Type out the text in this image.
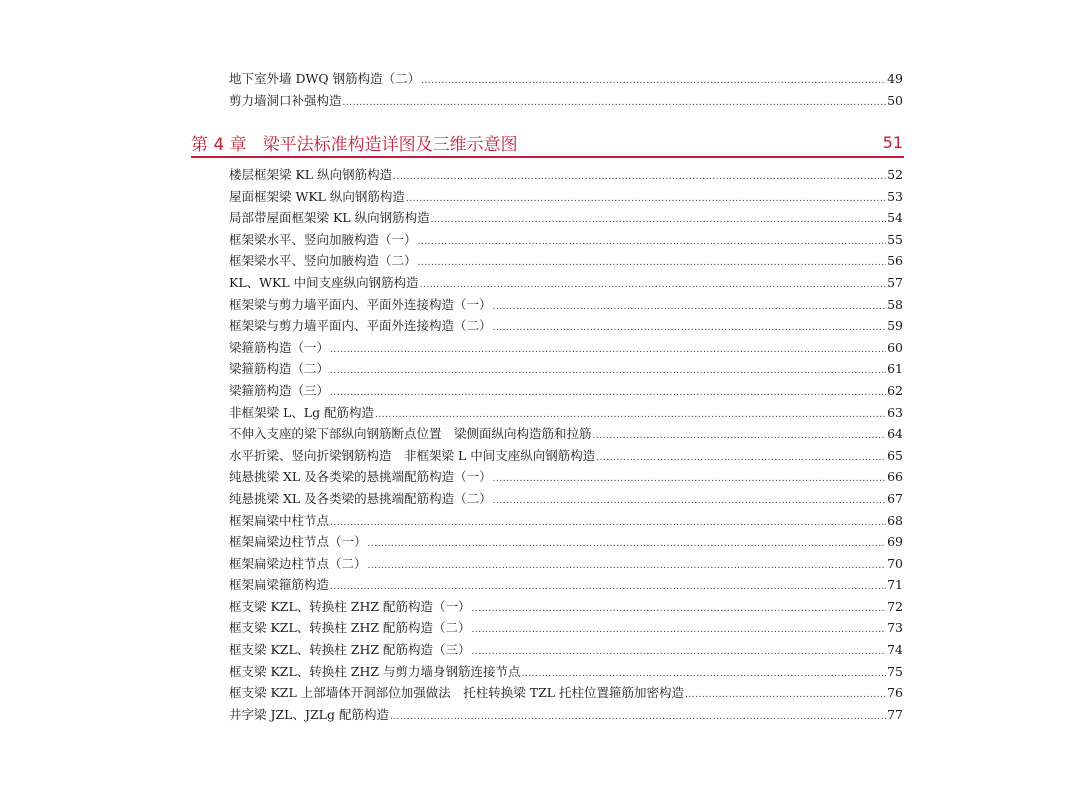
地下室外墙 DWQ 钢筋构造（二） .....	49
剪力墙洞口补强构造 .....	50
第 4 章 梁平法标准构造详图及三维示意图	51
楼层框架梁 KL 纵向钢筋构造 .....	52
屋面框架梁 WKL 纵向钢筋构造 .....	53
局部带屋面框架梁 KL 纵向钢筋构造 .....	54
框架梁水平、竖向加腋构造（一） .....	55
框架梁水平、竖向加腋构造（二） .....	56
KL、WKL 中间支座纵向钢筋构造 .....	57
框架梁与剪力墙平面内、平面外连接构造（一） .....	58
框架梁与剪力墙平面内、平面外连接构造（二） .....	59
梁箍筋构造（一） .....	60
梁箍筋构造（二） .....	61
梁箍筋构造（三） .....	62
非框架梁 L、Lg 配筋构造 .....	63
不伸入支座的梁下部纵向钢筋断点位置　梁侧面纵向构造筋和拉筋 .....	64
水平折梁、竖向折梁钢筋构造　非框架梁 L 中间支座纵向钢筋构造 .....	65
纯悬挑梁 XL 及各类梁的悬挑端配筋构造（一） .....	66
纯悬挑梁 XL 及各类梁的悬挑端配筋构造（二） .....	67
框架扁梁中柱节点 .....	68
框架扁梁边柱节点（一） .....	69
框架扁梁边柱节点（二） .....	70
框架扁梁箍筋构造 .....	71
框支梁 KZL、转换柱 ZHZ 配筋构造（一） .....	72
框支梁 KZL、转换柱 ZHZ 配筋构造（二） .....	73
框支梁 KZL、转换柱 ZHZ 配筋构造（三） .....	74
框支梁 KZL、转换柱 ZHZ 与剪力墙身钢筋连接节点 .....	75
框支梁 KZL 上部墙体开洞部位加强做法　托柱转换梁 TZL 托柱位置箍筋加密构造 .....	76
井字梁 JZL、JZLg 配筋构造 .....	77
